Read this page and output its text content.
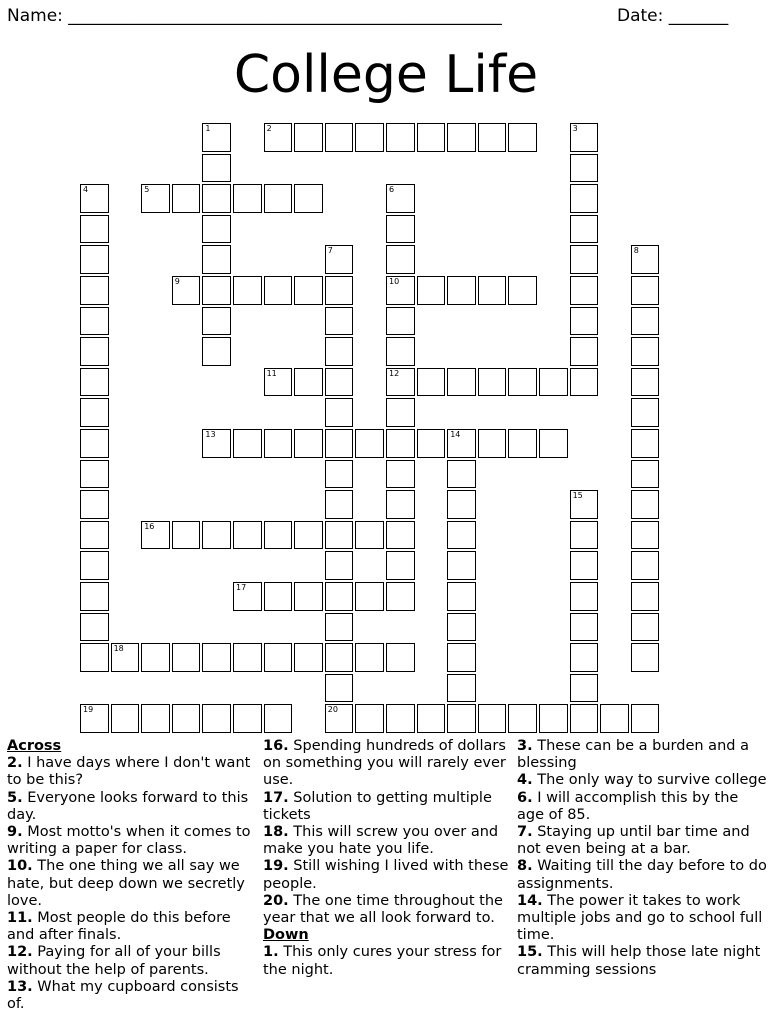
Name: ___________________________________________________	Date: _______
College Life
1	2	3
4	5	6
10
12
7
20
8
9
11
13	14
15
16
17
18
19

Across

2. I have days where I don't want to be this?

5. Everyone looks forward to this day.

9. Most motto's when it comes to writing a paper for class.

10. The one thing we all say we hate, but deep down we secretly love.

11. Most people do this before and after finals.

12. Paying for all of your bills without the help of parents.

13. What my cupboard consists of.

16. Spending hundreds of dollars on something you will rarely ever use.

17. Solution to getting multiple tickets

18. This will screw you over and make you hate you life.

19. Still wishing I lived with these people.

20. The one time throughout the year that we all look forward to.

Down

1. This only cures your stress for the night.

3. These can be a burden and a blessing

4. The only way to survive college

6. I will accomplish this by the age of 85.

7. Staying up until bar time and not even being at a bar.

8. Waiting till the day before to do assignments.

14. The power it takes to work multiple jobs and go to school full time.

15. This will help those late night cramming sessions
